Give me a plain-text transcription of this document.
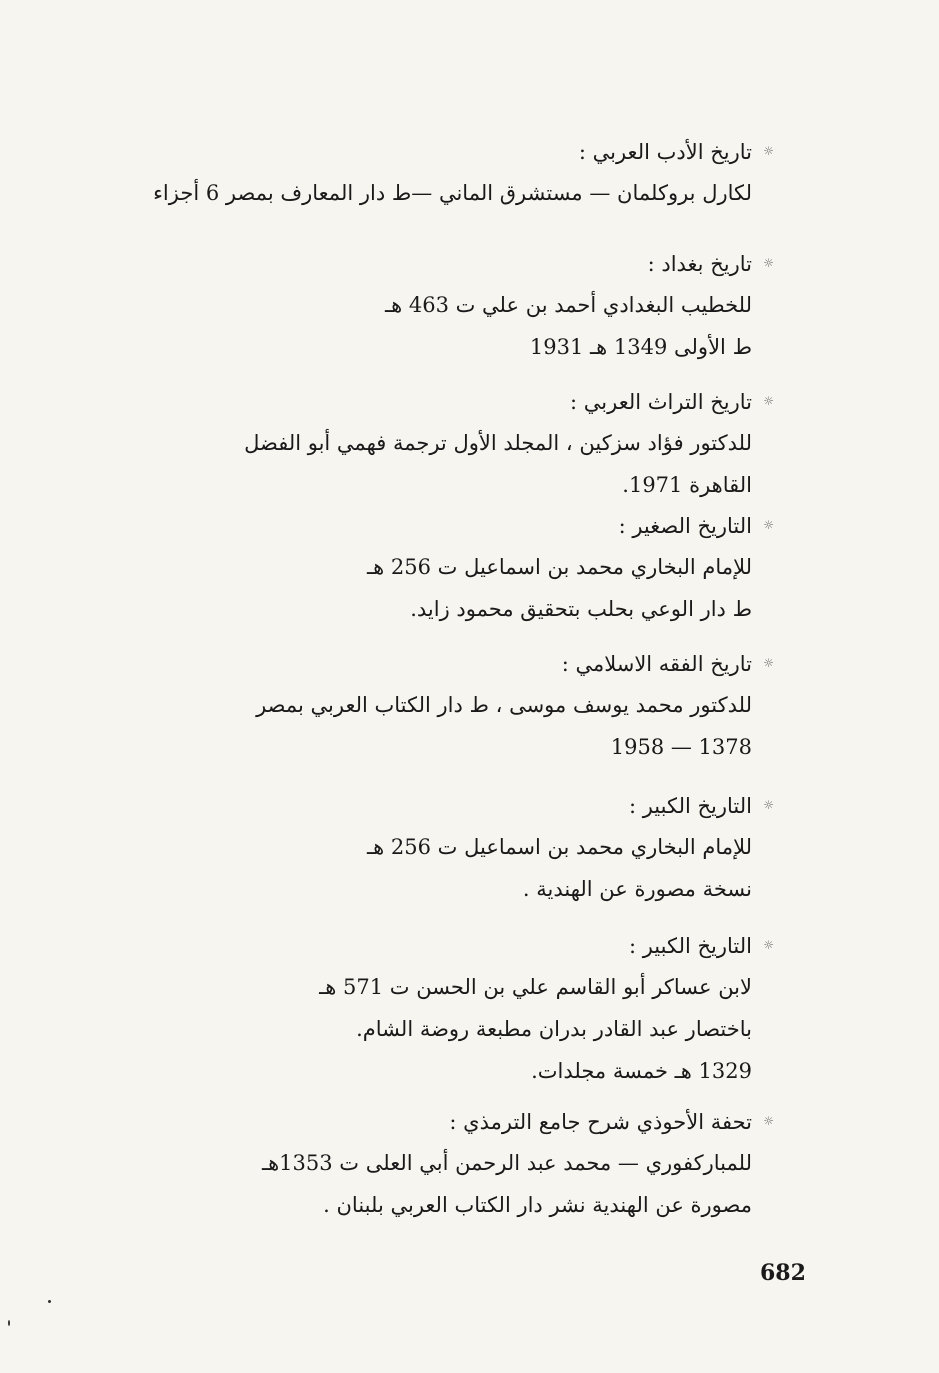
☼
تاريخ الأدب العربي :
لكارل بروكلمان — مستشرق الماني —ط دار المعارف بمصر 6 أجزاء
☼
تاريخ بغداد :
للخطيب البغدادي أحمد بن علي ت 463 هـ
ط الأولى 1349 هـ 1931
☼
تاريخ التراث العربي :
للدكتور فؤاد سزكين ، المجلد الأول ترجمة فهمي أبو الفضل
القاهرة 1971.
☼
التاريخ الصغير :
للإمام البخاري محمد بن اسماعيل ت 256 هـ
ط دار الوعي بحلب بتحقيق محمود زايد.
☼
تاريخ الفقه الاسلامي :
للدكتور محمد يوسف موسى ، ط دار الكتاب العربي بمصر
1378 — 1958
☼
التاريخ الكبير :
للإمام البخاري محمد بن اسماعيل ت 256 هـ
نسخة مصورة عن الهندية .
☼
التاريخ الكبير :
لابن عساكر أبو القاسم علي بن الحسن ت 571 هـ
باختصار عبد القادر بدران مطبعة روضة الشام.
1329 هـ خمسة مجلدات.
☼
تحفة الأحوذي شرح جامع الترمذي :
للمباركفوري — محمد عبد الرحمن أبي العلى ت 1353هـ
مصورة عن الهندية نشر دار الكتاب العربي بلبنان .
682
